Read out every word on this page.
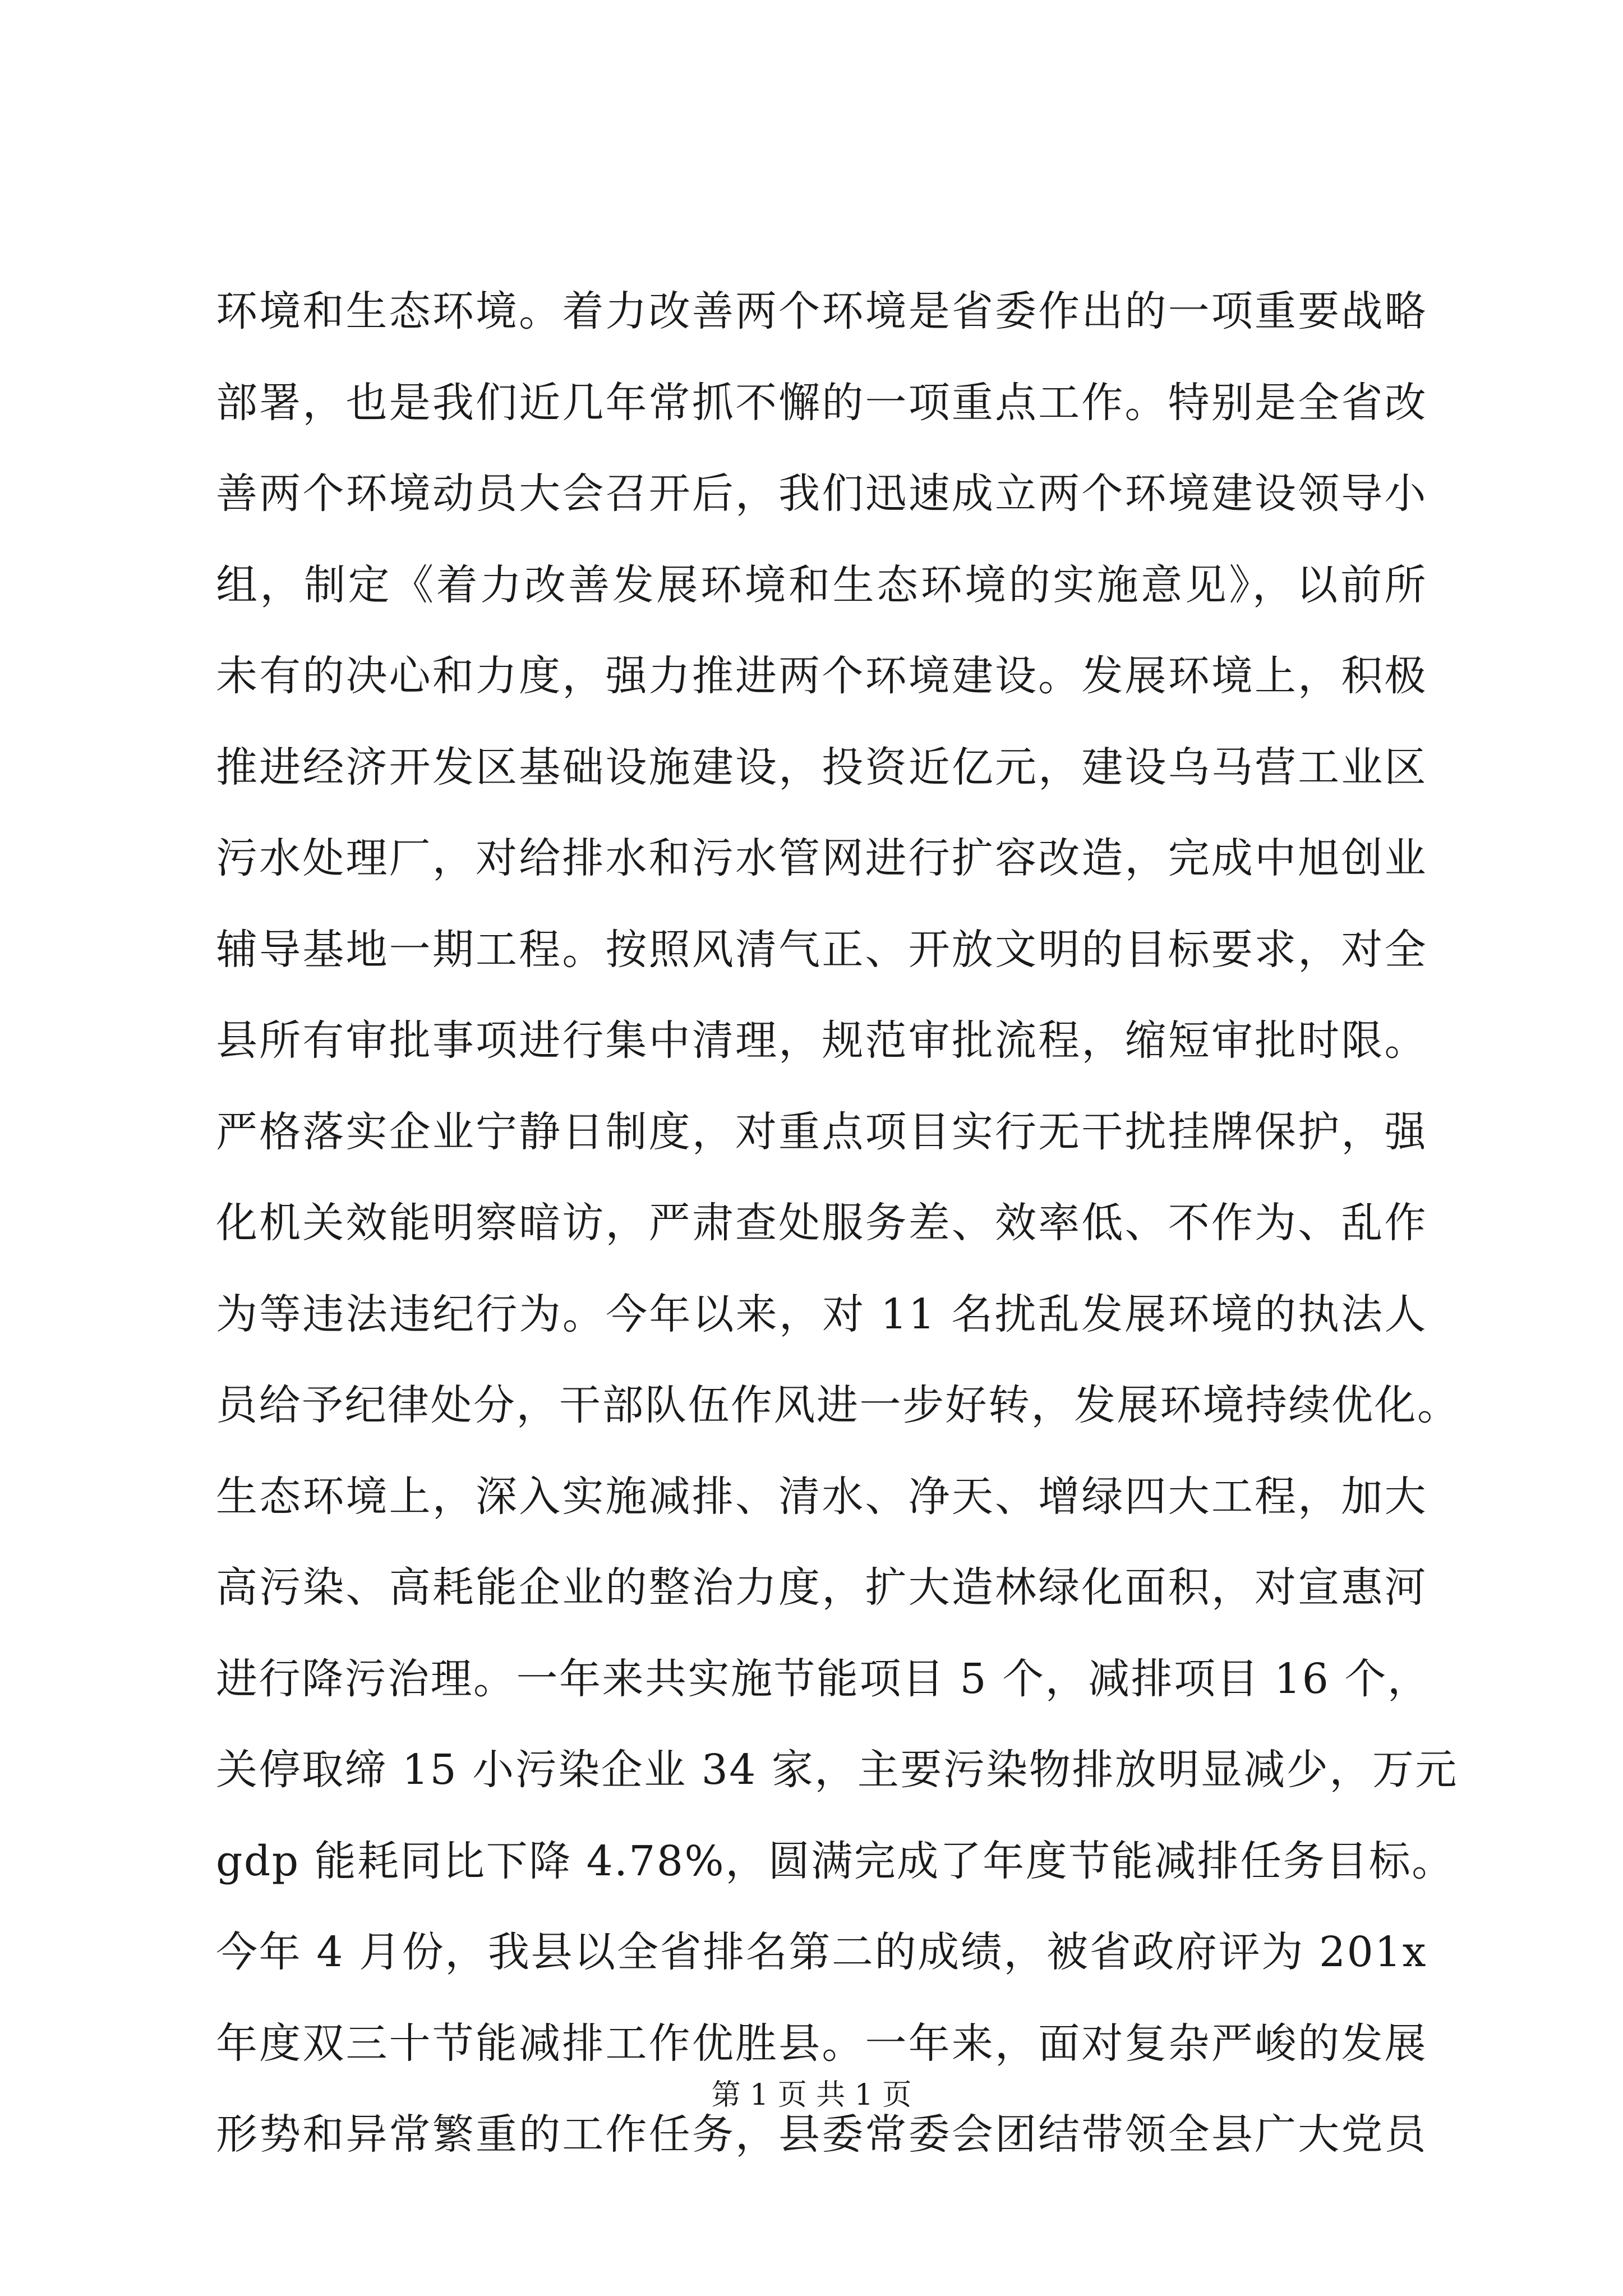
环境和生态环境。着力改善两个环境是省委作出的一项重要战略
部署，也是我们近几年常抓不懈的一项重点工作。特别是全省改
善两个环境动员大会召开后，我们迅速成立两个环境建设领导小
组，制定《着力改善发展环境和生态环境的实施意见》，以前所
未有的决心和力度，强力推进两个环境建设。发展环境上，积极
推进经济开发区基础设施建设，投资近亿元，建设乌马营工业区
污水处理厂，对给排水和污水管网进行扩容改造，完成中旭创业
辅导基地一期工程。按照风清气正、开放文明的目标要求，对全
县所有审批事项进行集中清理，规范审批流程，缩短审批时限。
严格落实企业宁静日制度，对重点项目实行无干扰挂牌保护，强
化机关效能明察暗访，严肃查处服务差、效率低、不作为、乱作
为等违法违纪行为。今年以来，对 11 名扰乱发展环境的执法人
员给予纪律处分，干部队伍作风进一步好转，发展环境持续优化。
生态环境上，深入实施减排、清水、净天、增绿四大工程，加大
高污染、高耗能企业的整治力度，扩大造林绿化面积，对宣惠河
进行降污治理。一年来共实施节能项目 5 个，减排项目 16 个，
关停取缔 15 小污染企业 34 家，主要污染物排放明显减少，万元
gdp 能耗同比下降 4.78%，圆满完成了年度节能减排任务目标。
今年 4 月份，我县以全省排名第二的成绩，被省政府评为 201x
年度双三十节能减排工作优胜县。一年来，面对复杂严峻的发展
形势和异常繁重的工作任务，县委常委会团结带领全县广大党员
第 1 页 共 1 页
